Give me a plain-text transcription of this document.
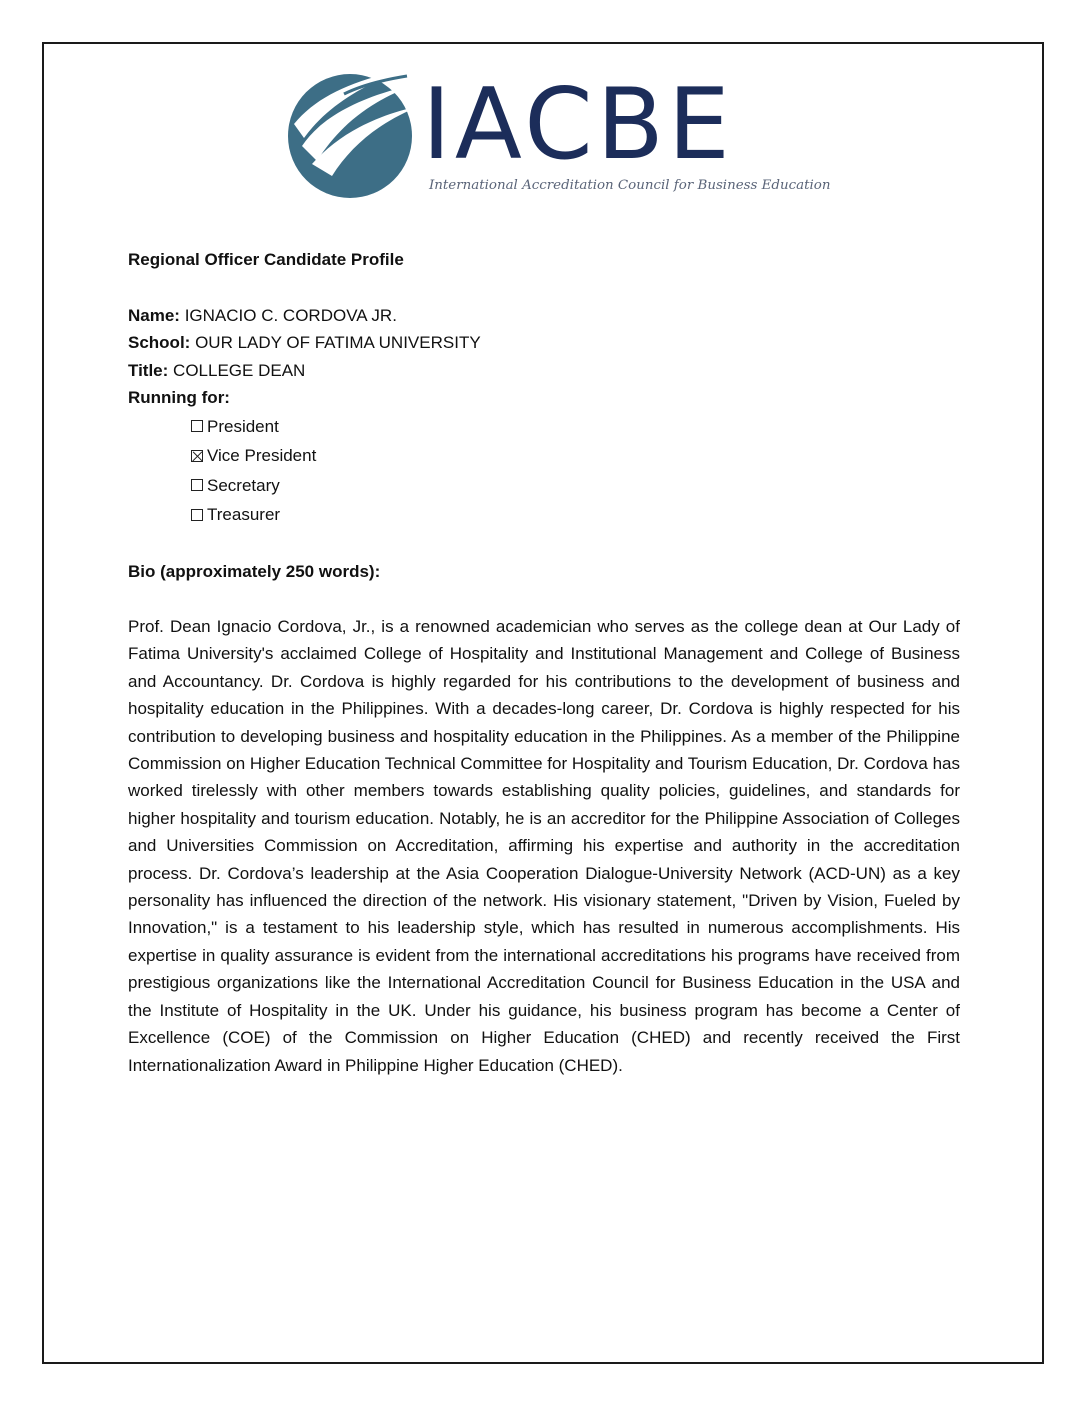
IACBE
International Accreditation Council for Business Education

Regional Officer Candidate Profile

Name: IGNACIO C. CORDOVA JR.

School: OUR LADY OF FATIMA UNIVERSITY

Title: COLLEGE DEAN

Running for:

President
Vice President
Secretary
Treasurer

Bio (approximately 250 words):

Prof. Dean Ignacio Cordova, Jr., is a renowned academician who serves as the college dean at Our Lady of Fatima University's acclaimed College of Hospitality and Institutional Management and College of Business and Accountancy. Dr. Cordova is highly regarded for his contributions to the development of business and hospitality education in the Philippines. With a decades-long career, Dr. Cordova is highly respected for his contribution to developing business and hospitality education in the Philippines. As a member of the Philippine Commission on Higher Education Technical Committee for Hospitality and Tourism Education, Dr. Cordova has worked tirelessly with other members towards establishing quality policies, guidelines, and standards for higher hospitality and tourism education. Notably, he is an accreditor for the Philippine Association of Colleges and Universities Commission on Accreditation, affirming his expertise and authority in the accreditation process. Dr. Cordova’s leadership at the Asia Cooperation Dialogue-University Network (ACD-UN) as a key personality has influenced the direction of the network. His visionary statement, "Driven by Vision, Fueled by Innovation," is a testament to his leadership style, which has resulted in numerous accomplishments. His expertise in quality assurance is evident from the international accreditations his programs have received from prestigious organizations like the International Accreditation Council for Business Education in the USA and the Institute of Hospitality in the UK. Under his guidance, his business program has become a Center of Excellence (COE) of the Commission on Higher Education (CHED) and recently received the First Internationalization Award in Philippine Higher Education (CHED).
